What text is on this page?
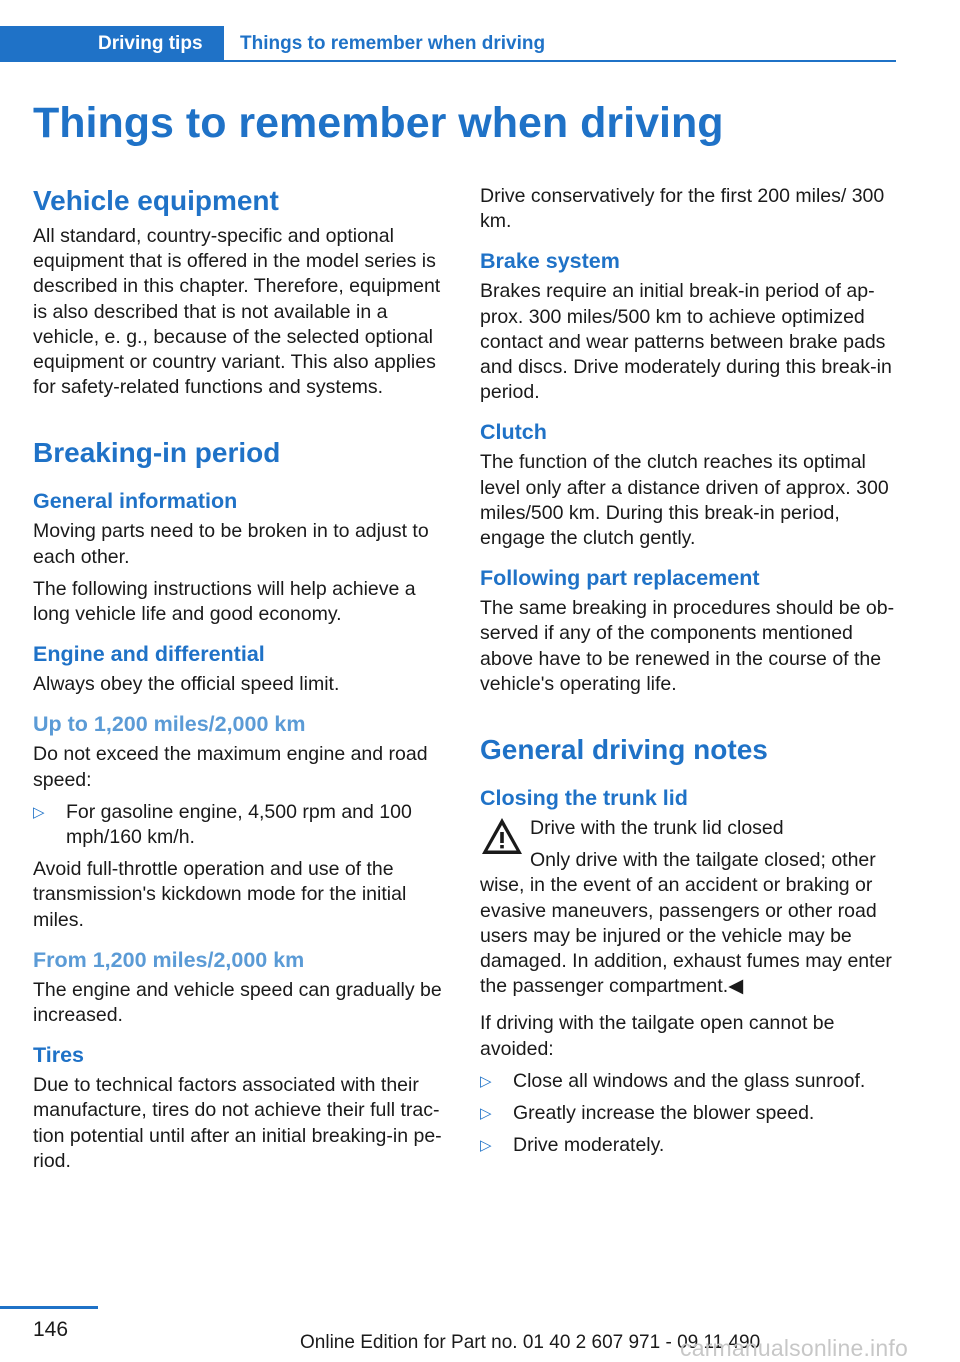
Driving tips	Things to remember when driving
Things to remember when driving
Vehicle equipment

All standard, country-specific and optional equipment that is offered in the model series is described in this chapter. Therefore, equipment is also described that is not available in a vehicle, e. g., because of the selected optional equipment or country variant. This also applies for safety-related functions and systems.

Breaking-in period
General information

Moving parts need to be broken in to adjust to each other.

The following instructions will help achieve a long vehicle life and good economy.

Engine and differential

Always obey the official speed limit.

Up to 1,200 miles/2,000 km

Do not exceed the maximum engine and road speed:

▷	For gasoline engine, 4,500 rpm and 100 mph/160 km/h.

Avoid full-throttle operation and use of the transmission's kickdown mode for the initial miles.

From 1,200 miles/2,000 km

The engine and vehicle speed can gradually be increased.

Tires

Due to technical factors associated with their manufacture, tires do not achieve their full traction potential until after an initial breaking-in period.

Drive conservatively for the first 200 miles/ 300 km.

Brake system

Brakes require an initial break-in period of approx. 300 miles/500 km to achieve optimized contact and wear patterns between brake pads and discs. Drive moderately during this break-in period.

Clutch

The function of the clutch reaches its optimal level only after a distance driven of approx. 300 miles/500 km. During this break-in period, engage the clutch gently.

Following part replacement

The same breaking in procedures should be observed if any of the components mentioned above have to be renewed in the course of the vehicle's operating life.

General driving notes
Closing the trunk lid

Drive with the trunk lid closed

Only drive with the tailgate closed; other

wise, in the event of an accident or braking or evasive maneuvers, passengers or other road users may be injured or the vehicle may be damaged. In addition, exhaust fumes may enter the passenger compartment.◀

If driving with the tailgate open cannot be avoided:

▷	Close all windows and the glass sunroof.
▷	Greatly increase the blower speed.
▷	Drive moderately.
146
Online Edition for Part no. 01 40 2 607 971 - 09 11 490
carmanualsonline.info
